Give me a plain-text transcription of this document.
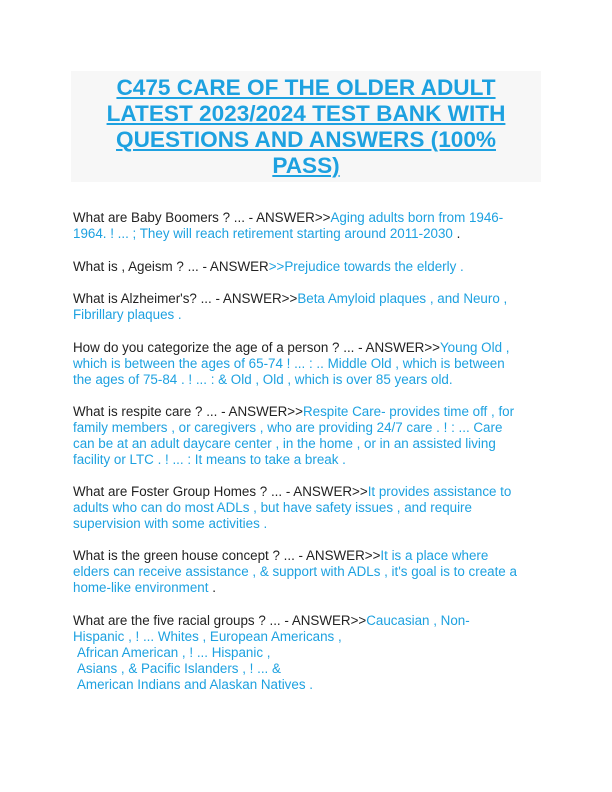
C475 CARE OF THE OLDER ADULT
LATEST 2023/2024 TEST BANK WITH
QUESTIONS AND ANSWERS (100%
PASS)

What are Baby Boomers ? ... - ANSWER>>Aging adults born from 1946-

1964. ! ... ; They will reach retirement starting around 2011-2030 .

What is , Ageism ? ... - ANSWER>>Prejudice towards the elderly .

What is Alzheimer's? ... - ANSWER>>Beta Amyloid plaques , and Neuro ,

Fibrillary plaques .

How do you categorize the age of a person ? ... - ANSWER>>Young Old ,

which is between the ages of 65-74 ! ... : .. Middle Old , which is between

the ages of 75-84 . ! ... : & Old , Old , which is over 85 years old.

What is respite care ? ... - ANSWER>>Respite Care- provides time off , for

family members , or caregivers , who are providing 24/7 care . ! : ... Care

can be at an adult daycare center , in the home , or in an assisted living

facility or LTC . ! ... : It means to take a break .

What are Foster Group Homes ? ... - ANSWER>>It provides assistance to

adults who can do most ADLs , but have safety issues , and require

supervision with some activities .

What is the green house concept ? ... - ANSWER>>It is a place where

elders can receive assistance , & support with ADLs , it's goal is to create a

home-like environment .

What are the five racial groups ? ... - ANSWER>>Caucasian , Non-

Hispanic , ! ... Whites , European Americans ,

African American , ! ... Hispanic ,

Asians , & Pacific Islanders , ! ... &

American Indians and Alaskan Natives .
